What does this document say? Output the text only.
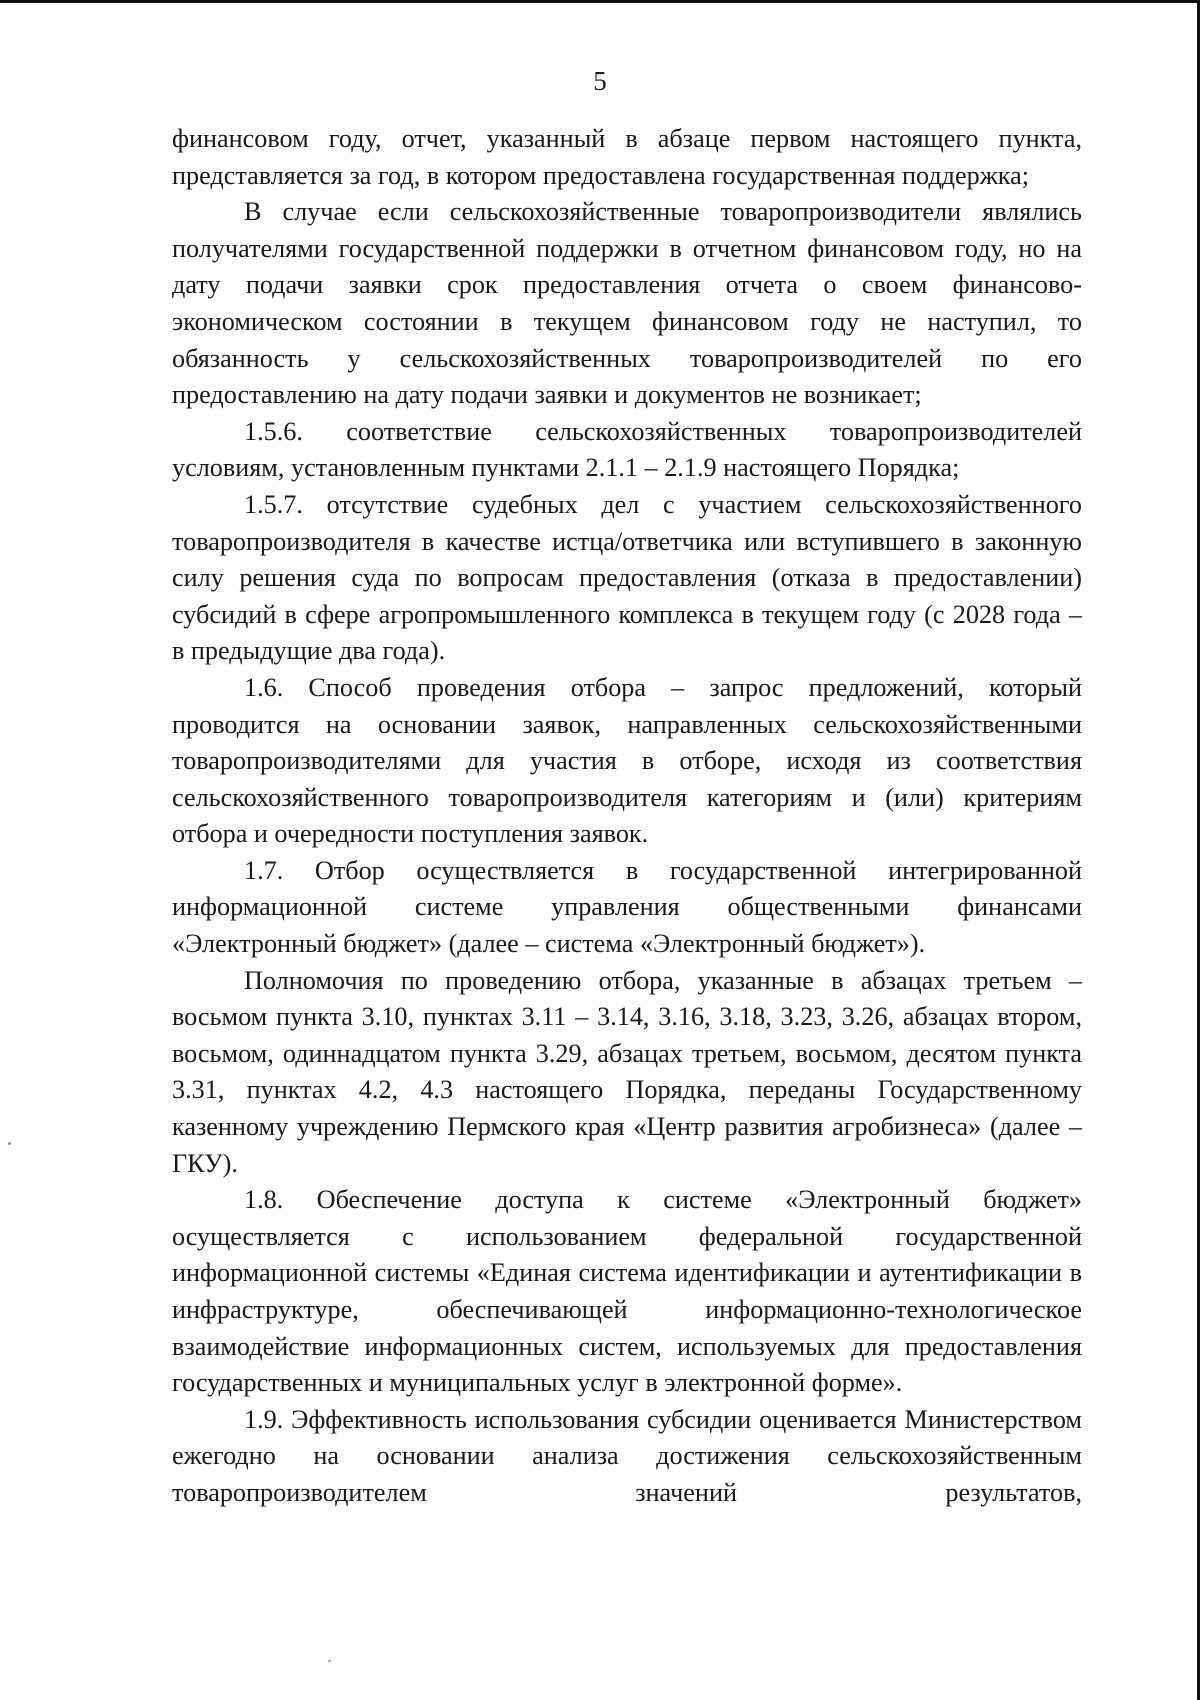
5

финансовом году, отчет, указанный в абзаце первом настоящего пункта, представляется за год, в котором предоставлена государственная поддержка;

В случае если сельскохозяйственные товаропроизводители являлись получателями государственной поддержки в отчетном финансовом году, но на дату подачи заявки срок предоставления отчета о своем финансово-экономическом состоянии в текущем финансовом году не наступил, то обязанность у сельскохозяйственных товаропроизводителей по его предоставлению на дату подачи заявки и документов не возникает;

1.5.6. соответствие сельскохозяйственных товаропроизводителей условиям, установленным пунктами 2.1.1 – 2.1.9 настоящего Порядка;

1.5.7. отсутствие судебных дел с участием сельскохозяйственного товаропроизводителя в качестве истца/ответчика или вступившего в законную силу решения суда по вопросам предоставления (отказа в предоставлении) субсидий в сфере агропромышленного комплекса в текущем году (с 2028 года – в предыдущие два года).

1.6. Способ проведения отбора – запрос предложений, который проводится на основании заявок, направленных сельскохозяйственными товаропроизводителями для участия в отборе, исходя из соответствия сельскохозяйственного товаропроизводителя категориям и (или) критериям отбора и очередности поступления заявок.

1.7. Отбор осуществляется в государственной интегрированной информационной системе управления общественными финансами «Электронный бюджет» (далее – система «Электронный бюджет»).

Полномочия по проведению отбора, указанные в абзацах третьем – восьмом пункта 3.10, пунктах 3.11 – 3.14, 3.16, 3.18, 3.23, 3.26, абзацах втором, восьмом, одиннадцатом пункта 3.29, абзацах третьем, восьмом, десятом пункта 3.31, пунктах 4.2, 4.3 настоящего Порядка, переданы Государственному казенному учреждению Пермского края «Центр развития агробизнеса» (далее – ГКУ).

1.8. Обеспечение доступа к системе «Электронный бюджет» осуществляется с использованием федеральной государственной информационной системы «Единая система идентификации и аутентификации в инфраструктуре, обеспечивающей информационно-технологическое взаимодействие информационных систем, используемых для предоставления государственных и муниципальных услуг в электронной форме».

1.9. Эффективность использования субсидии оценивается Министерством ежегодно на основании анализа достижения сельскохозяйственным товаропроизводителем значений результатов,
